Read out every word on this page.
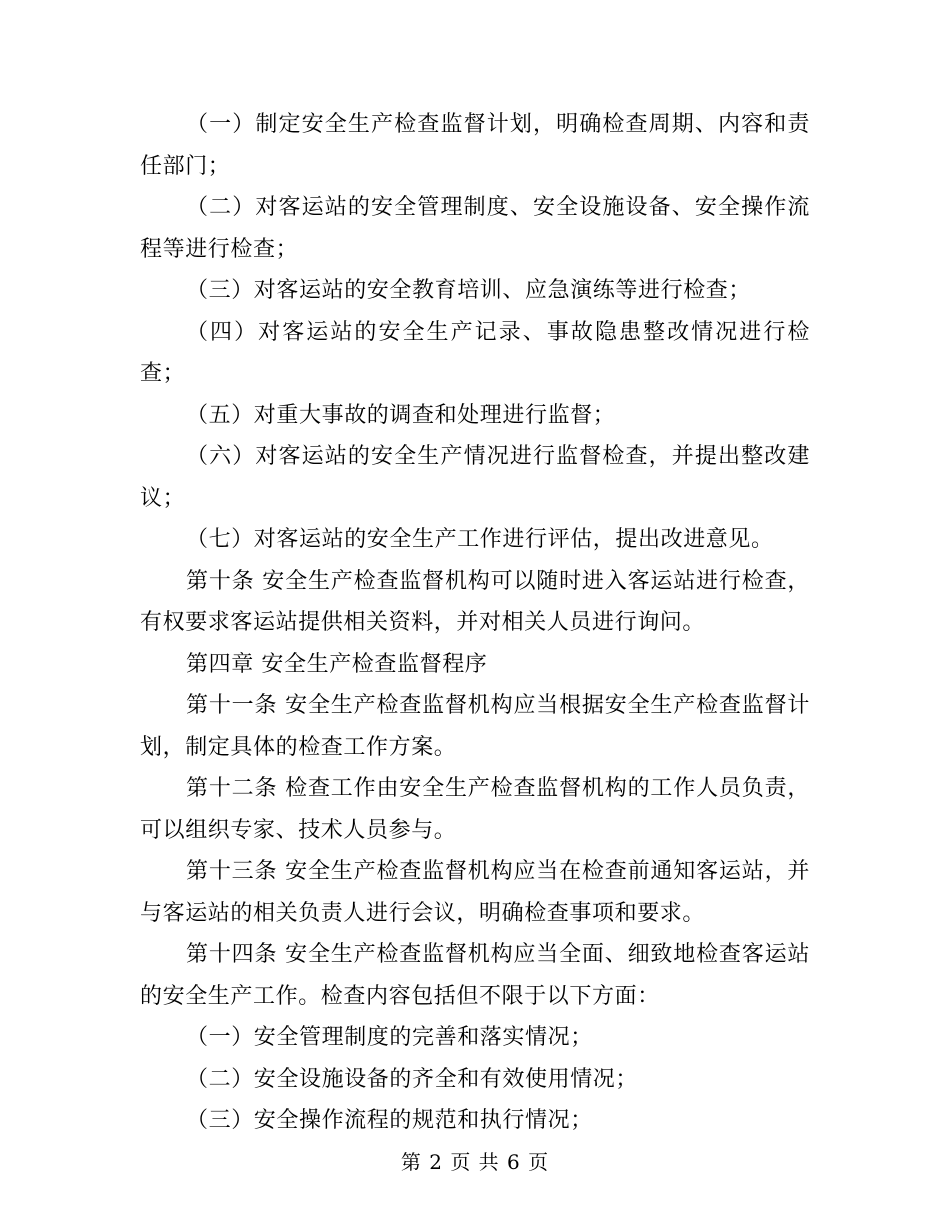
（一）制定安全生产检查监督计划，明确检查周期、内容和责任部门；

（二）对客运站的安全管理制度、安全设施设备、安全操作流程等进行检查；

（三）对客运站的安全教育培训、应急演练等进行检查；

（四）对客运站的安全生产记录、事故隐患整改情况进行检查；

（五）对重大事故的调查和处理进行监督；

（六）对客运站的安全生产情况进行监督检查，并提出整改建议；

（七）对客运站的安全生产工作进行评估，提出改进意见。

第十条 安全生产检查监督机构可以随时进入客运站进行检查，有权要求客运站提供相关资料，并对相关人员进行询问。

第四章 安全生产检查监督程序

第十一条 安全生产检查监督机构应当根据安全生产检查监督计划，制定具体的检查工作方案。

第十二条 检查工作由安全生产检查监督机构的工作人员负责，可以组织专家、技术人员参与。

第十三条 安全生产检查监督机构应当在检查前通知客运站，并与客运站的相关负责人进行会议，明确检查事项和要求。

第十四条 安全生产检查监督机构应当全面、细致地检查客运站的安全生产工作。检查内容包括但不限于以下方面：

（一）安全管理制度的完善和落实情况；

（二）安全设施设备的齐全和有效使用情况；

（三）安全操作流程的规范和执行情况；

第 2 页 共 6 页
